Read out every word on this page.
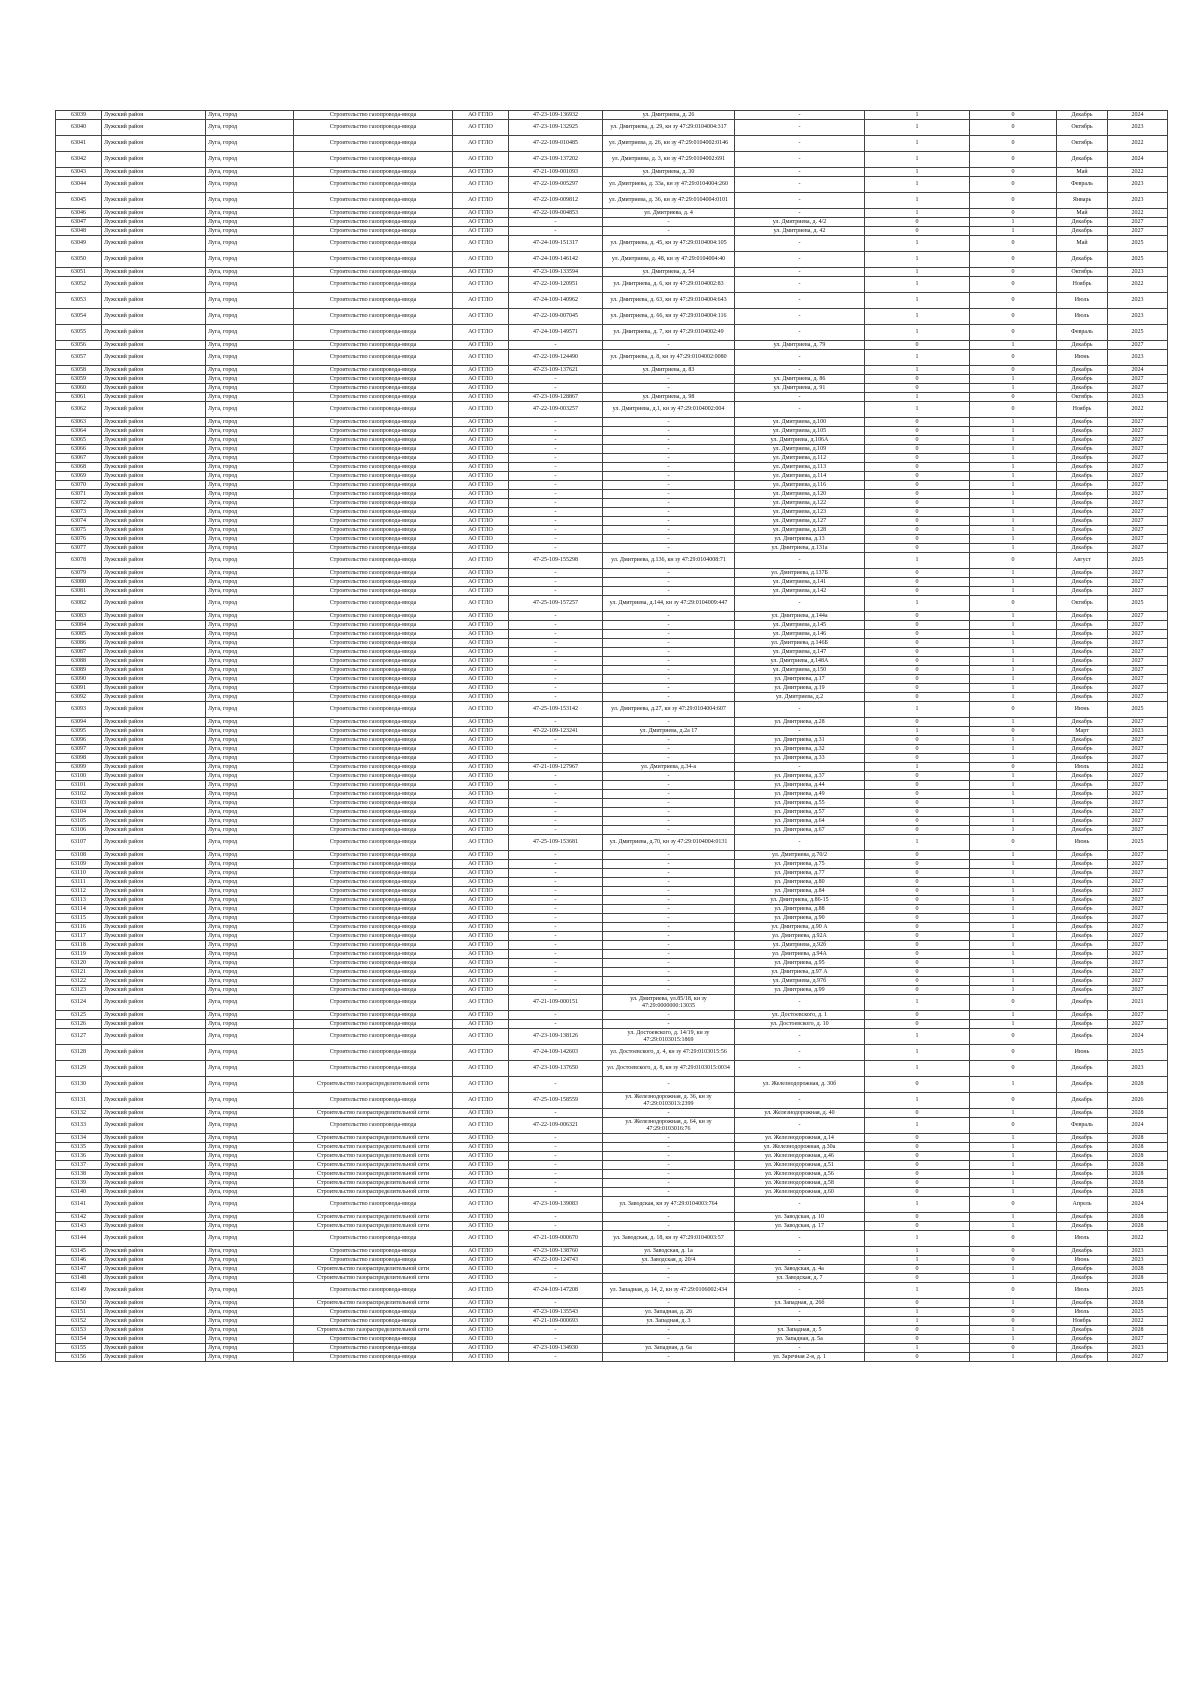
63039	Лужский район	Луга, город	Строительство газопровода-ввода	АО ГГЛО	47-23-109-136932	ул. Дмитриева, д. 26	-	1	0	Декабрь	2024
63040	Лужский район	Луга, город	Строительство газопровода-ввода	АО ГГЛО	47-23-109-132925	ул. Дмитриева, д. 29, кн зу 47:29:0104004:317	-	1	0	Октябрь	2023
63041	Лужский район	Луга, город	Строительство газопровода-ввода	АО ГГЛО	47-22-109-010485	ул. Дмитриева, д. 26, кн зу 47:29:0104002:0146	-	1	0	Октябрь	2022
63042	Лужский район	Луга, город	Строительство газопровода-ввода	АО ГГЛО	47-23-109-137202	ул. Дмитриева, д. 3, кн зу 47:29:0104002:691	-	1	0	Декабрь	2024
63043	Лужский район	Луга, город	Строительство газопровода-ввода	АО ГГЛО	47-21-109-001093	ул. Дмитриева, д. 30	-	1	0	Май	2022
63044	Лужский район	Луга, город	Строительство газопровода-ввода	АО ГГЛО	47-22-109-005297	ул. Дмитриева, д. 33а, кн зу 47:29:0104004:260	-	1	0	Февраль	2023
63045	Лужский район	Луга, город	Строительство газопровода-ввода	АО ГГЛО	47-22-109-009812	ул. Дмитриева, д. 36, кн зу 47:29:0104004:0101	-	1	0	Январь	2023
63046	Лужский район	Луга, город	Строительство газопровода-ввода	АО ГГЛО	47-22-109-004853	ул. Дмитриева, д. 4	-	1	0	Май	2022
63047	Лужский район	Луга, город	Строительство газопровода-ввода	АО ГГЛО	-	-	ул. Дмитриева, д. 4/2	0	1	Декабрь	2027
63048	Лужский район	Луга, город	Строительство газопровода-ввода	АО ГГЛО	-	-	ул. Дмитриева, д. 42	0	1	Декабрь	2027
63049	Лужский район	Луга, город	Строительство газопровода-ввода	АО ГГЛО	47-24-109-151317	ул. Дмитриева, д. 45, кн зу 47:29:0104004:105	-	1	0	Май	2025
63050	Лужский район	Луга, город	Строительство газопровода-ввода	АО ГГЛО	47-24-109-146142	ул. Дмитриева, д. 48, кн зу 47:29:0104004:40	-	1	0	Декабрь	2025
63051	Лужский район	Луга, город	Строительство газопровода-ввода	АО ГГЛО	47-23-109-133594	ул. Дмитриева, д. 54	-	1	0	Октябрь	2023
63052	Лужский район	Луга, город	Строительство газопровода-ввода	АО ГГЛО	47-22-109-120951	ул. Дмитриева, д. 6, кн зу 47:29:0104002:83	-	1	0	Ноябрь	2022
63053	Лужский район	Луга, город	Строительство газопровода-ввода	АО ГГЛО	47-24-109-140962	ул. Дмитриева, д. 63, кн зу 47:29:0104004:643	-	1	0	Июль	2023
63054	Лужский район	Луга, город	Строительство газопровода-ввода	АО ГГЛО	47-22-109-007045	ул. Дмитриева, д. 66, кн зу 47:29:0104004:116	-	1	0	Июль	2023
63055	Лужский район	Луга, город	Строительство газопровода-ввода	АО ГГЛО	47-24-109-149571	ул. Дмитриева, д. 7, кн зу 47:29:0104002:49	-	1	0	Февраль	2025
63056	Лужский район	Луга, город	Строительство газопровода-ввода	АО ГГЛО	-	-	ул. Дмитриева, д. 79	0	1	Декабрь	2027
63057	Лужский район	Луга, город	Строительство газопровода-ввода	АО ГГЛО	47-22-109-124490	ул. Дмитриева, д. 8, кн зу 47:29:0104002:0080	-	1	0	Июнь	2023
63058	Лужский район	Луга, город	Строительство газопровода-ввода	АО ГГЛО	47-23-109-137621	ул. Дмитриева, д. 83	-	1	0	Декабрь	2024
63059	Лужский район	Луга, город	Строительство газопровода-ввода	АО ГГЛО	-	-	ул. Дмитриева, д. 86	0	1	Декабрь	2027
63060	Лужский район	Луга, город	Строительство газопровода-ввода	АО ГГЛО	-	-	ул. Дмитриева, д. 91	0	1	Декабрь	2027
63061	Лужский район	Луга, город	Строительство газопровода-ввода	АО ГГЛО	47-23-109-128867	ул. Дмитриева, д. 98	-	1	0	Октябрь	2023
63062	Лужский район	Луга, город	Строительство газопровода-ввода	АО ГГЛО	47-22-109-003257	ул. Дмитриева, д.1, кн зу 47:29:0104002:004	-	1	0	Ноябрь	2022
63063	Лужский район	Луга, город	Строительство газопровода-ввода	АО ГГЛО	-	-	ул. Дмитриева, д.100	0	1	Декабрь	2027
63064	Лужский район	Луга, город	Строительство газопровода-ввода	АО ГГЛО	-	-	ул. Дмитриева, д.105	0	1	Декабрь	2027
63065	Лужский район	Луга, город	Строительство газопровода-ввода	АО ГГЛО	-	-	ул. Дмитриева, д.106А	0	1	Декабрь	2027
63066	Лужский район	Луга, город	Строительство газопровода-ввода	АО ГГЛО	-	-	ул. Дмитриева, д.109	0	1	Декабрь	2027
63067	Лужский район	Луга, город	Строительство газопровода-ввода	АО ГГЛО	-	-	ул. Дмитриева, д.112	0	1	Декабрь	2027
63068	Лужский район	Луга, город	Строительство газопровода-ввода	АО ГГЛО	-	-	ул. Дмитриева, д.113	0	1	Декабрь	2027
63069	Лужский район	Луга, город	Строительство газопровода-ввода	АО ГГЛО	-	-	ул. Дмитриева, д.114	0	1	Декабрь	2027
63070	Лужский район	Луга, город	Строительство газопровода-ввода	АО ГГЛО	-	-	ул. Дмитриева, д.116	0	1	Декабрь	2027
63071	Лужский район	Луга, город	Строительство газопровода-ввода	АО ГГЛО	-	-	ул. Дмитриева, д.120	0	1	Декабрь	2027
63072	Лужский район	Луга, город	Строительство газопровода-ввода	АО ГГЛО	-	-	ул. Дмитриева, д.122	0	1	Декабрь	2027
63073	Лужский район	Луга, город	Строительство газопровода-ввода	АО ГГЛО	-	-	ул. Дмитриева, д.123	0	1	Декабрь	2027
63074	Лужский район	Луга, город	Строительство газопровода-ввода	АО ГГЛО	-	-	ул. Дмитриева, д.127	0	1	Декабрь	2027
63075	Лужский район	Луга, город	Строительство газопровода-ввода	АО ГГЛО	-	-	ул. Дмитриева, д.128	0	1	Декабрь	2027
63076	Лужский район	Луга, город	Строительство газопровода-ввода	АО ГГЛО	-	-	ул. Дмитриева, д.13	0	1	Декабрь	2027
63077	Лужский район	Луга, город	Строительство газопровода-ввода	АО ГГЛО	-	-	ул. Дмитриева, д.131а	0	1	Декабрь	2027
63078	Лужский район	Луга, город	Строительство газопровода-ввода	АО ГГЛО	47-25-109-155298	ул. Дмитриева, д.136, кн зу 47:29:0104008:71	-	1	0	Август	2025
63079	Лужский район	Луга, город	Строительство газопровода-ввода	АО ГГЛО	-	-	ул. Дмитриева, д.137Б	0	1	Декабрь	2027
63080	Лужский район	Луга, город	Строительство газопровода-ввода	АО ГГЛО	-	-	ул. Дмитриева, д.141	0	1	Декабрь	2027
63081	Лужский район	Луга, город	Строительство газопровода-ввода	АО ГГЛО	-	-	ул. Дмитриева, д.142	0	1	Декабрь	2027
63082	Лужский район	Луга, город	Строительство газопровода-ввода	АО ГГЛО	47-25-109-157257	ул. Дмитриева, д.144, кн зу 47:29:0104009:447	-	1	0	Октябрь	2025
63083	Лужский район	Луга, город	Строительство газопровода-ввода	АО ГГЛО	-	-	ул. Дмитриева, д.144а	0	1	Декабрь	2027
63084	Лужский район	Луга, город	Строительство газопровода-ввода	АО ГГЛО	-	-	ул. Дмитриева, д.145	0	1	Декабрь	2027
63085	Лужский район	Луга, город	Строительство газопровода-ввода	АО ГГЛО	-	-	ул. Дмитриева, д.146	0	1	Декабрь	2027
63086	Лужский район	Луга, город	Строительство газопровода-ввода	АО ГГЛО	-	-	ул. Дмитриева, д.146Б	0	1	Декабрь	2027
63087	Лужский район	Луга, город	Строительство газопровода-ввода	АО ГГЛО	-	-	ул. Дмитриева, д.147	0	1	Декабрь	2027
63088	Лужский район	Луга, город	Строительство газопровода-ввода	АО ГГЛО	-	-	ул. Дмитриева, д.148А	0	1	Декабрь	2027
63089	Лужский район	Луга, город	Строительство газопровода-ввода	АО ГГЛО	-	-	ул. Дмитриева, д.150	0	1	Декабрь	2027
63090	Лужский район	Луга, город	Строительство газопровода-ввода	АО ГГЛО	-	-	ул. Дмитриева, д.17	0	1	Декабрь	2027
63091	Лужский район	Луга, город	Строительство газопровода-ввода	АО ГГЛО	-	-	ул. Дмитриева, д.19	0	1	Декабрь	2027
63092	Лужский район	Луга, город	Строительство газопровода-ввода	АО ГГЛО	-	-	ул. Дмитриева, д.2	0	1	Декабрь	2027
63093	Лужский район	Луга, город	Строительство газопровода-ввода	АО ГГЛО	47-25-109-153142	ул. Дмитриева, д.27, кн зу 47:29:0104004:607	-	1	0	Июнь	2025
63094	Лужский район	Луга, город	Строительство газопровода-ввода	АО ГГЛО	-	-	ул. Дмитриева, д.28	0	1	Декабрь	2027
63095	Лужский район	Луга, город	Строительство газопровода-ввода	АО ГГЛО	47-22-109-123241	ул. Дмитриева, д.2а 17	-	1	0	Март	2023
63096	Лужский район	Луга, город	Строительство газопровода-ввода	АО ГГЛО	-	-	ул. Дмитриева, д.31	0	1	Декабрь	2027
63097	Лужский район	Луга, город	Строительство газопровода-ввода	АО ГГЛО	-	-	ул. Дмитриева, д.32	0	1	Декабрь	2027
63098	Лужский район	Луга, город	Строительство газопровода-ввода	АО ГГЛО	-	-	ул. Дмитриева, д.33	0	1	Декабрь	2027
63099	Лужский район	Луга, город	Строительство газопровода-ввода	АО ГГЛО	47-21-109-127967	ул. Дмитриева, д.34-а	-	1	0	Июль	2022
63100	Лужский район	Луга, город	Строительство газопровода-ввода	АО ГГЛО	-	-	ул. Дмитриева, д.37	0	1	Декабрь	2027
63101	Лужский район	Луга, город	Строительство газопровода-ввода	АО ГГЛО	-	-	ул. Дмитриева, д.44	0	1	Декабрь	2027
63102	Лужский район	Луга, город	Строительство газопровода-ввода	АО ГГЛО	-	-	ул. Дмитриева, д.49	0	1	Декабрь	2027
63103	Лужский район	Луга, город	Строительство газопровода-ввода	АО ГГЛО	-	-	ул. Дмитриева, д.55	0	1	Декабрь	2027
63104	Лужский район	Луга, город	Строительство газопровода-ввода	АО ГГЛО	-	-	ул. Дмитриева, д.57	0	1	Декабрь	2027
63105	Лужский район	Луга, город	Строительство газопровода-ввода	АО ГГЛО	-	-	ул. Дмитриева, д.64	0	1	Декабрь	2027
63106	Лужский район	Луга, город	Строительство газопровода-ввода	АО ГГЛО	-	-	ул. Дмитриева, д.67	0	1	Декабрь	2027
63107	Лужский район	Луга, город	Строительство газопровода-ввода	АО ГГЛО	47-25-109-153681	ул. Дмитриева, д.70, кн зу 47:29:0104004:0131	-	1	0	Июнь	2025
63108	Лужский район	Луга, город	Строительство газопровода-ввода	АО ГГЛО	-	-	ул. Дмитриева, д.70/2	0	1	Декабрь	2027
63109	Лужский район	Луга, город	Строительство газопровода-ввода	АО ГГЛО	-	-	ул. Дмитриева, д.75	0	1	Декабрь	2027
63110	Лужский район	Луга, город	Строительство газопровода-ввода	АО ГГЛО	-	-	ул. Дмитриева, д.77	0	1	Декабрь	2027
63111	Лужский район	Луга, город	Строительство газопровода-ввода	АО ГГЛО	-	-	ул. Дмитриева, д.80	0	1	Декабрь	2027
63112	Лужский район	Луга, город	Строительство газопровода-ввода	АО ГГЛО	-	-	ул. Дмитриева, д.84	0	1	Декабрь	2027
63113	Лужский район	Луга, город	Строительство газопровода-ввода	АО ГГЛО	-	-	ул. Дмитриева, д.86-15	0	1	Декабрь	2027
63114	Лужский район	Луга, город	Строительство газопровода-ввода	АО ГГЛО	-	-	ул. Дмитриева, д.88	0	1	Декабрь	2027
63115	Лужский район	Луга, город	Строительство газопровода-ввода	АО ГГЛО	-	-	ул. Дмитриева, д.90	0	1	Декабрь	2027
63116	Лужский район	Луга, город	Строительство газопровода-ввода	АО ГГЛО	-	-	ул. Дмитриева, д.90 А	0	1	Декабрь	2027
63117	Лужский район	Луга, город	Строительство газопровода-ввода	АО ГГЛО	-	-	ул. Дмитриева, д.92А	0	1	Декабрь	2027
63118	Лужский район	Луга, город	Строительство газопровода-ввода	АО ГГЛО	-	-	ул. Дмитриева, д.92б	0	1	Декабрь	2027
63119	Лужский район	Луга, город	Строительство газопровода-ввода	АО ГГЛО	-	-	ул. Дмитриева, д.94А	0	1	Декабрь	2027
63120	Лужский район	Луга, город	Строительство газопровода-ввода	АО ГГЛО	-	-	ул. Дмитриева, д.95	0	1	Декабрь	2027
63121	Лужский район	Луга, город	Строительство газопровода-ввода	АО ГГЛО	-	-	ул. Дмитриева, д.97 А	0	1	Декабрь	2027
63122	Лужский район	Луга, город	Строительство газопровода-ввода	АО ГГЛО	-	-	ул. Дмитриева, д.97б	0	1	Декабрь	2027
63123	Лужский район	Луга, город	Строительство газопровода-ввода	АО ГГЛО	-	-	ул. Дмитриева, д.99	0	1	Декабрь	2027
63124	Лужский район	Луга, город	Строительство газопровода-ввода	АО ГГЛО	47-21-109-000151	ул. Дмитриева, ул.85/18, кн зу 47:29:0000000:13035	-	1	0	Декабрь	2021
63125	Лужский район	Луга, город	Строительство газопровода-ввода	АО ГГЛО	-	-	ул. Достоевского, д. 1	0	1	Декабрь	2027
63126	Лужский район	Луга, город	Строительство газопровода-ввода	АО ГГЛО	-	-	ул. Достоевского, д. 10	0	1	Декабрь	2027
63127	Лужский район	Луга, город	Строительство газопровода-ввода	АО ГГЛО	47-23-109-138126	ул. Достоевского, д. 14/19, кн зу 47:29:0103015:1869	-	1	0	Декабрь	2024
63128	Лужский район	Луга, город	Строительство газопровода-ввода	АО ГГЛО	47-24-109-142603	ул. Достоевского, д. 4, кн зу 47:29:0103015:56	-	1	0	Июнь	2025
63129	Лужский район	Луга, город	Строительство газопровода-ввода	АО ГГЛО	47-23-109-137650	ул. Достоевского, д. 8, кн зу 47:29:0103015:0034	-	1	0	Декабрь	2023
63130	Лужский район	Луга, город	Строительство газораспределительной сети	АО ГГЛО	-	-	ул. Железнодорожная, д. 30б	0	1	Декабрь	2028
63131	Лужский район	Луга, город	Строительство газопровода-ввода	АО ГГЛО	47-25-109-158559	ул. Железнодорожная, д. 36, кн зу 47:29:0103013:2399	-	1	0	Декабрь	2026
63132	Лужский район	Луга, город	Строительство газораспределительной сети	АО ГГЛО	-	-	ул. Железнодорожная, д. 40	0	1	Декабрь	2028
63133	Лужский район	Луга, город	Строительство газопровода-ввода	АО ГГЛО	47-22-109-006321	ул. Железнодорожная, д. 64, кн зу 47:29:0103016:76	-	1	0	Февраль	2024
63134	Лужский район	Луга, город	Строительство газораспределительной сети	АО ГГЛО	-	-	ул. Железнодорожная, д.14	0	1	Декабрь	2028
63135	Лужский район	Луга, город	Строительство газораспределительной сети	АО ГГЛО	-	-	ул. Железнодорожная, д.30а	0	1	Декабрь	2028
63136	Лужский район	Луга, город	Строительство газораспределительной сети	АО ГГЛО	-	-	ул. Железнодорожная, д.46	0	1	Декабрь	2028
63137	Лужский район	Луга, город	Строительство газораспределительной сети	АО ГГЛО	-	-	ул. Железнодорожная, д.51	0	1	Декабрь	2028
63138	Лужский район	Луга, город	Строительство газораспределительной сети	АО ГГЛО	-	-	ул. Железнодорожная, д.56	0	1	Декабрь	2028
63139	Лужский район	Луга, город	Строительство газораспределительной сети	АО ГГЛО	-	-	ул. Железнодорожная, д.58	0	1	Декабрь	2028
63140	Лужский район	Луга, город	Строительство газораспределительной сети	АО ГГЛО	-	-	ул. Железнодорожная, д.60	0	1	Декабрь	2028
63141	Лужский район	Луга, город	Строительство газопровода-ввода	АО ГГЛО	47-23-109-139083	ул. Заводская, кн зу 47:29:0104003:764	-	1	0	Апрель	2024
63142	Лужский район	Луга, город	Строительство газораспределительной сети	АО ГГЛО	-	-	ул. Заводская, д. 10	0	1	Декабрь	2028
63143	Лужский район	Луга, город	Строительство газораспределительной сети	АО ГГЛО	-	-	ул. Заводская, д. 17	0	1	Декабрь	2028
63144	Лужский район	Луга, город	Строительство газопровода-ввода	АО ГГЛО	47-21-109-000670	ул. Заводская, д. 18, кн зу 47:29:0104003:57	-	1	0	Июль	2022
63145	Лужский район	Луга, город	Строительство газопровода-ввода	АО ГГЛО	47-23-109-138760	ул. Заводская, д. 1а	-	1	0	Декабрь	2023
63146	Лужский район	Луга, город	Строительство газопровода-ввода	АО ГГЛО	47-22-109-124743	ул. Заводская, д. 20/4	-	1	0	Июнь	2023
63147	Лужский район	Луга, город	Строительство газораспределительной сети	АО ГГЛО	-	-	ул. Заводская, д. 4а	0	1	Декабрь	2028
63148	Лужский район	Луга, город	Строительство газораспределительной сети	АО ГГЛО	-	-	ул. Заводская, д. 7	0	1	Декабрь	2028
63149	Лужский район	Луга, город	Строительство газопровода-ввода	АО ГГЛО	47-24-109-147208	ул. Западная, д. 14, 2, кн зу 47:29:0106002:434	-	1	0	Июль	2025
63150	Лужский район	Луга, город	Строительство газораспределительной сети	АО ГГЛО	-	-	ул. Западная, д. 26б	0	1	Декабрь	2028
63151	Лужский район	Луга, город	Строительство газопровода-ввода	АО ГГЛО	47-23-109-135543	ул. Западная, д. 26	-	1	0	Июль	2025
63152	Лужский район	Луга, город	Строительство газопровода-ввода	АО ГГЛО	47-21-109-000693	ул. Западная, д. 3	-	1	0	Ноябрь	2022
63153	Лужский район	Луга, город	Строительство газораспределительной сети	АО ГГЛО	-	-	ул. Западная, д. 5	0	1	Декабрь	2028
63154	Лужский район	Луга, город	Строительство газопровода-ввода	АО ГГЛО	-	-	ул. Западная, д. 5а	0	1	Декабрь	2027
63155	Лужский район	Луга, город	Строительство газопровода-ввода	АО ГГЛО	47-23-109-134930	ул. Западная, д. 6а	-	1	0	Декабрь	2023
63156	Лужский район	Луга, город	Строительство газопровода-ввода	АО ГГЛО	-	-	ул. Заречная 2-я, д. 1	0	1	Декабрь	2027
